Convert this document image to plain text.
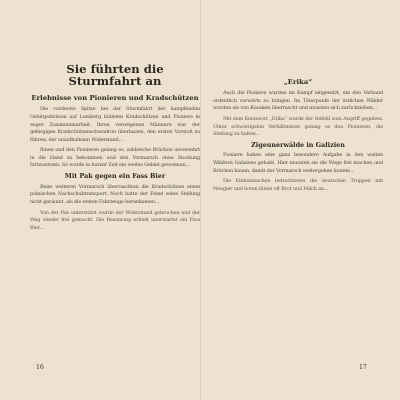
Sie führten die Sturmfahrt an
Erlebnisse von Pionieren und Kradschützen
Die vorderste Spitze bei der Sturmfahrt der kampfenden Gebirgsdivision auf Lemberg bildeten Kradschützen und Pioniere in enger Zusammenarbeit. Ihren verwegenen Männern war der gebirgigen Kradschützenschwadron überlassen, den ersten Vorstoß zu führen, der unaufhaltsam Widerstand...
Ihnen und den Pionieren gelang es, zahlreiche Brücken unversehrt in die Hand zu bekommen und den Vormarsch ohne Stockung fortzusetzen. So wurde in kurzer Zeit ein weites Gebiet gewonnen...
Mit Pak gegen ein Fass Bier
Beim weiteren Vormarsch überraschten die Kradschützen einen polnischen Nachschubtransport. Noch hatte der Feind seine Stellung nicht geräumt, als die ersten Fahrzeuge herankamen...
Von der Pak unterstützt wurde der Widerstand gebrochen und der Weg wieder frei gemacht. Die Besatzung erhielt unerwartet ein Fass Bier...
„Erika“
Auch die Pioniere wurden im Kampf eingesetzt, um den Verband ordentlich vorwärts zu bringen. Im Täterpunkt der östlichen Wälder wurden sie von Kosaken überrascht und mussten sich zurückziehen...
Mit dem Kennwort „Erika“ wurde der Befehl zum Angriff gegeben. Unter schwierigsten Verhältnissen gelang es den Pionieren, die Stellung zu halten...
Zigeunerwälde in Galizien
Pioniere haben eine ganz besondere Aufgabe in den weiten Wäldern Galiziens gehabt. Hier mussten sie die Wege frei machen und Brücken bauen, damit der Vormarsch weitergehen konnte...
Die Einheimischen betrachteten die deutschen Truppen mit Neugier und boten ihnen oft Brot und Milch an...
16	17
